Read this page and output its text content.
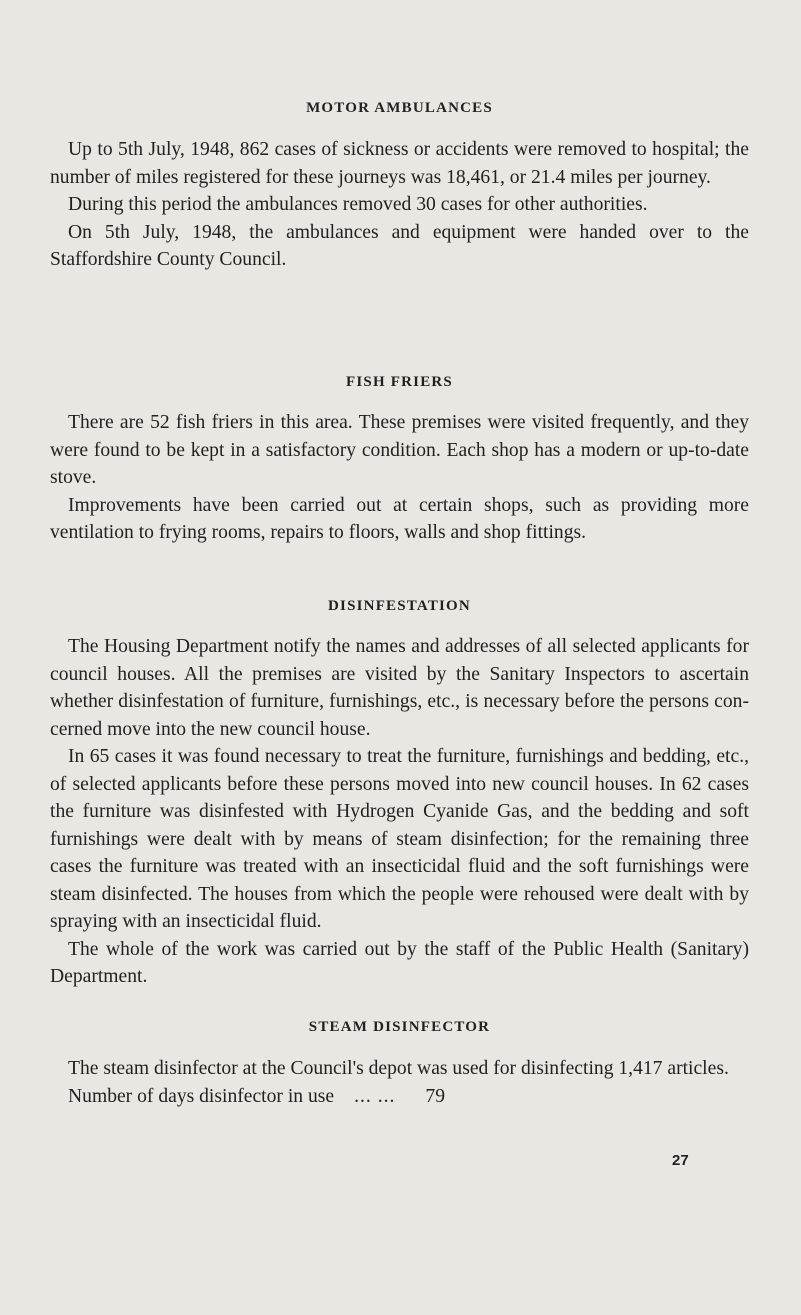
MOTOR AMBULANCES

Up to 5th July, 1948, 862 cases of sickness or accidents were removed to hospital; the number of miles registered for these journeys was 18,461, or 21.4 miles per journey.

During this period the ambulances removed 30 cases for other authorities.

On 5th July, 1948, the ambulances and equipment were handed over to the Staffordshire County Council.

FISH FRIERS

There are 52 fish friers in this area. These premises were visited frequently, and they were found to be kept in a satisfactory condition. Each shop has a modern or up-to-date stove.

Improvements have been carried out at certain shops, such as providing more ventilation to frying rooms, repairs to floors, walls and shop fittings.

DISINFESTATION

The Housing Department notify the names and addresses of all selected applicants for council houses. All the premises are visited by the Sanitary Inspectors to ascertain whether disinfestation of furniture, furnishings, etc., is necessary before the persons con- cerned move into the new council house.

In 65 cases it was found necessary to treat the furniture, furnishings and bedding, etc., of selected applicants before these persons moved into new council houses. In 62 cases the furniture was disinfested with Hydrogen Cyanide Gas, and the bedding and soft furnishings were dealt with by means of steam disinfection; for the remaining three cases the furniture was treated with an insecticidal fluid and the soft furnishings were steam disinfected. The houses from which the people were rehoused were dealt with by spraying with an insecticidal fluid.

The whole of the work was carried out by the staff of the Public Health (Sanitary) Department.

STEAM DISINFECTOR

The steam disinfector at the Council's depot was used for disinfecting 1,417 articles.

Number of days disinfector in use ... ... 79

27
